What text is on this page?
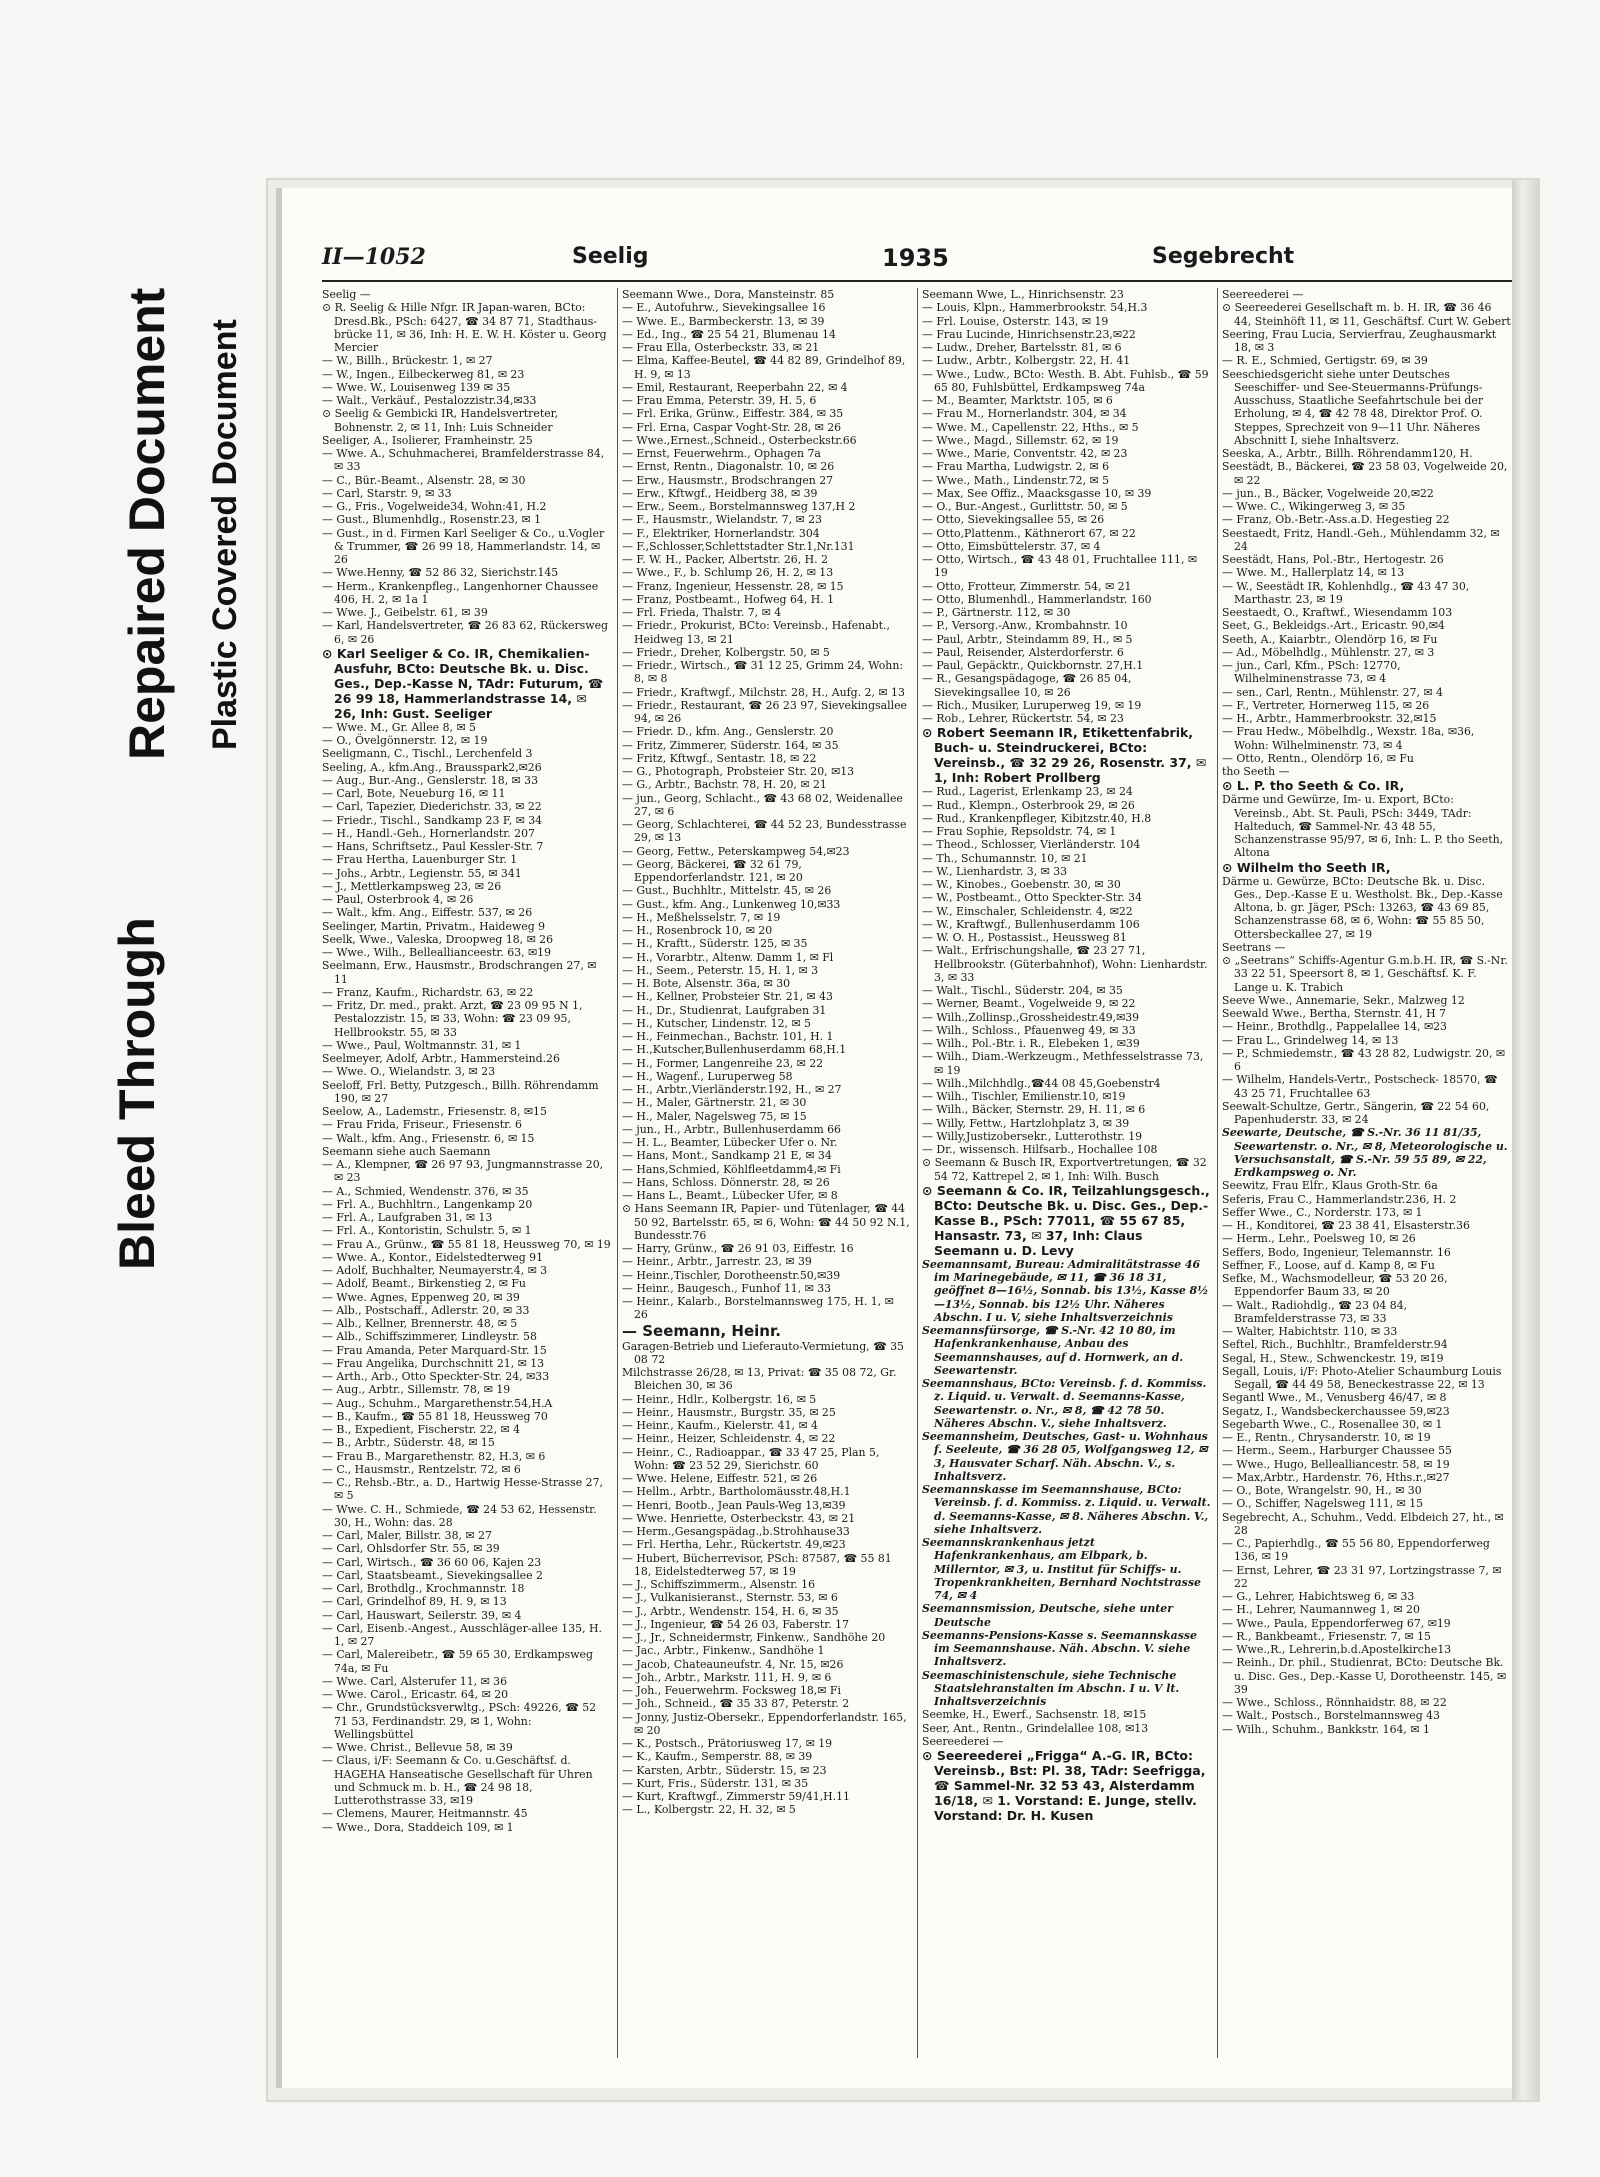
Bleed Through
Repaired Document Plastic Covered Document
II—1052	Seelig	1935	Segebrecht

Seelig —

⊙ R. Seelig & Hille Nfgr. IR Japan-waren, BCto: Dresd.Bk., PSch: 6427, ☎ 34 87 71, Stadthaus-brücke 11, ✉ 36, Inh: H. E. W. H. Köster u. Georg Mercier

— W., Billh., Brückestr. 1, ✉ 27

— W., Ingen., Eilbeckerweg 81, ✉ 23

— Wwe. W., Louisenweg 139 ✉ 35

— Walt., Verkäuf., Pestalozzistr.34,✉33

⊙ Seelig & Gembicki IR, Handelsvertreter, Bohnenstr. 2, ✉ 11, Inh: Luis Schneider

Seeliger, A., Isolierer, Framheinstr. 25

— Wwe. A., Schuhmacherei, Bramfelderstrasse 84, ✉ 33

— C., Bür.-Beamt., Alsenstr. 28, ✉ 30

— Carl, Starstr. 9, ✉ 33

— G., Fris., Vogelweide34, Wohn:41, H.2

— Gust., Blumenhdlg., Rosenstr.23, ✉ 1

— Gust., in d. Firmen Karl Seeliger & Co., u.Vogler & Trummer, ☎ 26 99 18, Hammerlandstr. 14, ✉ 26

— Wwe.Henny, ☎ 52 86 32, Sierichstr.145

— Herm., Krankenpfleg., Langenhorner Chaussee 406, H. 2, ✉ 1a 1

— Wwe. J., Geibelstr. 61, ✉ 39

— Karl, Handelsvertreter, ☎ 26 83 62, Rückersweg 6, ✉ 26

⊙ Karl Seeliger & Co. IR, Chemikalien-Ausfuhr, BCto: Deutsche Bk. u. Disc. Ges., Dep.-Kasse N, TAdr: Futurum, ☎ 26 99 18, Hammerlandstrasse 14, ✉ 26, Inh: Gust. Seeliger

— Wwe. M., Gr. Allee 8, ✉ 5

— O., Övelgönnerstr. 12, ✉ 19

Seeligmann, C., Tischl., Lerchenfeld 3

Seeling, A., kfm.Ang., Brausspark2,✉26

— Aug., Bur.-Ang., Genslerstr. 18, ✉ 33

— Carl, Bote, Neueburg 16, ✉ 11

— Carl, Tapezier, Diederichstr. 33, ✉ 22

— Friedr., Tischl., Sandkamp 23 F, ✉ 34

— H., Handl.-Geh., Hornerlandstr. 207

— Hans, Schriftsetz., Paul Kessler-Str. 7

— Frau Hertha, Lauenburger Str. 1

— Johs., Arbtr., Legienstr. 55, ✉ 341

— J., Mettlerkampsweg 23, ✉ 26

— Paul, Osterbrook 4, ✉ 26

— Walt., kfm. Ang., Eiffestr. 537, ✉ 26

Seelinger, Martin, Privatm., Haideweg 9

Seelk, Wwe., Valeska, Droopweg 18, ✉ 26

— Wwe., Wilh., Belleallianceestr. 63, ✉19

Seelmann, Erw., Hausmstr., Brodschrangen 27, ✉ 11

— Franz, Kaufm., Richardstr. 63, ✉ 22

— Fritz, Dr. med., prakt. Arzt, ☎ 23 09 95 N 1, Pestalozzistr. 15, ✉ 33, Wohn: ☎ 23 09 95, Hellbrookstr. 55, ✉ 33

— Wwe., Paul, Woltmannstr. 31, ✉ 1

Seelmeyer, Adolf, Arbtr., Hammersteind.26

— Wwe. O., Wielandstr. 3, ✉ 23

Seeloff, Frl. Betty, Putzgesch., Billh. Röhrendamm 190, ✉ 27

Seelow, A., Lademstr., Friesenstr. 8, ✉15

— Frau Frida, Friseur., Friesenstr. 6

— Walt., kfm. Ang., Friesenstr. 6, ✉ 15

Seemann siehe auch Saemann

— A., Klempner, ☎ 26 97 93, Jungmannstrasse 20, ✉ 23

— A., Schmied, Wendenstr. 376, ✉ 35

— Frl. A., Buchhltrn., Langenkamp 20

— Frl. A., Laufgraben 31, ✉ 13

— Frl. A., Kontoristin, Schulstr. 5, ✉ 1

— Frau A., Grünw., ☎ 55 81 18, Heussweg 70, ✉ 19

— Wwe. A., Kontor., Eidelstedterweg 91

— Adolf, Buchhalter, Neumayerstr.4, ✉ 3

— Adolf, Beamt., Birkenstieg 2, ✉ Fu

— Wwe. Agnes, Eppenweg 20, ✉ 39

— Alb., Postschaff., Adlerstr. 20, ✉ 33

— Alb., Kellner, Brennerstr. 48, ✉ 5

— Alb., Schiffszimmerer, Lindleystr. 58

— Frau Amanda, Peter Marquard-Str. 15

— Frau Angelika, Durchschnitt 21, ✉ 13

— Arth., Arb., Otto Speckter-Str. 24, ✉33

— Aug., Arbtr., Sillemstr. 78, ✉ 19

— Aug., Schuhm., Margarethenstr.54,H.A

— B., Kaufm., ☎ 55 81 18, Heussweg 70

— B., Expedient, Fischerstr. 22, ✉ 4

— B., Arbtr., Süderstr. 48, ✉ 15

— Frau B., Margarethenstr. 82, H.3, ✉ 6

— C., Hausmstr., Rentzelstr. 72, ✉ 6

— C., Rehsb.-Btr., a. D., Hartwig Hesse-Strasse 27, ✉ 5

— Wwe. C. H., Schmiede, ☎ 24 53 62, Hessenstr. 30, H., Wohn: das. 28

— Carl, Maler, Billstr. 38, ✉ 27

— Carl, Ohlsdorfer Str. 55, ✉ 39

— Carl, Wirtsch., ☎ 36 60 06, Kajen 23

— Carl, Staatsbeamt., Sievekingsallee 2

— Carl, Brothdlg., Krochmannstr. 18

— Carl, Grindelhof 89, H. 9, ✉ 13

— Carl, Hauswart, Seilerstr. 39, ✉ 4

— Carl, Eisenb.-Angest., Ausschläger-allee 135, H. 1, ✉ 27

— Carl, Malereibetr., ☎ 59 65 30, Erdkampsweg 74a, ✉ Fu

— Wwe. Carl, Alsterufer 11, ✉ 36

— Wwe. Carol., Ericastr. 64, ✉ 20

— Chr., Grundstücksverwltg., PSch: 49226, ☎ 52 71 53, Ferdinandstr. 29, ✉ 1, Wohn: Wellingsbüttel

— Wwe. Christ., Bellevue 58, ✉ 39

— Claus, i/F: Seemann & Co. u.Geschäftsf. d. HAGEHA Hanseatische Gesellschaft für Uhren und Schmuck m. b. H., ☎ 24 98 18, Lutterothstrasse 33, ✉19

— Clemens, Maurer, Heitmannstr. 45

— Wwe., Dora, Staddeich 109, ✉ 1

Seemann Wwe., Dora, Mansteinstr. 85

— E., Autofuhrw., Sievekingsallee 16

— Wwe. E., Barmbeckerstr. 13, ✉ 39

— Ed., Ing., ☎ 25 54 21, Blumenau 14

— Frau Ella, Osterbeckstr. 33, ✉ 21

— Elma, Kaffee-Beutel, ☎ 44 82 89, Grindelhof 89, H. 9, ✉ 13

— Emil, Restaurant, Reeperbahn 22, ✉ 4

— Frau Emma, Peterstr. 39, H. 5, 6

— Frl. Erika, Grünw., Eiffestr. 384, ✉ 35

— Frl. Erna, Caspar Voght-Str. 28, ✉ 26

— Wwe.,Ernest.,Schneid., Osterbeckstr.66

— Ernst, Feuerwehrm., Ophagen 7a

— Ernst, Rentn., Diagonalstr. 10, ✉ 26

— Erw., Hausmstr., Brodschrangen 27

— Erw., Kftwgf., Heidberg 38, ✉ 39

— Erw., Seem., Borstelmannsweg 137,H 2

— F., Hausmstr., Wielandstr. 7, ✉ 23

— F., Elektriker, Hornerlandstr. 304

— F.,Schlosser,Schlettstadter Str.1,Nr.131

— F. W. H., Packer, Albertstr. 26, H. 2

— Wwe., F., b. Schlump 26, H. 2, ✉ 13

— Franz, Ingenieur, Hessenstr. 28, ✉ 15

— Franz, Postbeamt., Hofweg 64, H. 1

— Frl. Frieda, Thalstr. 7, ✉ 4

— Friedr., Prokurist, BCto: Vereinsb., Hafenabt., Heidweg 13, ✉ 21

— Friedr., Dreher, Kolbergstr. 50, ✉ 5

— Friedr., Wirtsch., ☎ 31 12 25, Grimm 24, Wohn: 8, ✉ 8

— Friedr., Kraftwgf., Milchstr. 28, H., Aufg. 2, ✉ 13

— Friedr., Restaurant, ☎ 26 23 97, Sievekingsallee 94, ✉ 26

— Friedr. D., kfm. Ang., Genslerstr. 20

— Fritz, Zimmerer, Süderstr. 164, ✉ 35

— Fritz, Kftwgf., Sentastr. 18, ✉ 22

— G., Photograph, Probsteier Str. 20, ✉13

— G., Arbtr., Bachstr. 78, H. 20, ✉ 21

— jun., Georg, Schlacht., ☎ 43 68 02, Weidenallee 27, ✉ 6

— Georg, Schlachterei, ☎ 44 52 23, Bundesstrasse 29, ✉ 13

— Georg, Fettw., Peterskampweg 54,✉23

— Georg, Bäckerei, ☎ 32 61 79, Eppendorferlandstr. 121, ✉ 20

— Gust., Buchhltr., Mittelstr. 45, ✉ 26

— Gust., kfm. Ang., Lunkenweg 10,✉33

— H., Meßhelsselstr. 7, ✉ 19

— H., Rosenbrock 10, ✉ 20

— H., Kraftt., Süderstr. 125, ✉ 35

— H., Vorarbtr., Altenw. Damm 1, ✉ Fl

— H., Seem., Peterstr. 15, H. 1, ✉ 3

— H. Bote, Alsenstr. 36a, ✉ 30

— H., Kellner, Probsteier Str. 21, ✉ 43

— H., Dr., Studienrat, Laufgraben 31

— H., Kutscher, Lindenstr. 12, ✉ 5

— H., Feinmechan., Bachstr. 101, H. 1

— H.,Kutscher,Bullenhuserdamm 68,H.1

— H., Former, Langenreihe 23, ✉ 22

— H., Wagenf., Luruperweg 58

— H., Arbtr.,Vierländerstr.192, H., ✉ 27

— H., Maler, Gärtnerstr. 21, ✉ 30

— H., Maler, Nagelsweg 75, ✉ 15

— jun., H., Arbtr., Bullenhuserdamm 66

— H. L., Beamter, Lübecker Ufer o. Nr.

— Hans, Mont., Sandkamp 21 E, ✉ 34

— Hans,Schmied, Köhlfleetdamm4,✉ Fi

— Hans, Schloss. Dönnerstr. 28, ✉ 26

— Hans L., Beamt., Lübecker Ufer, ✉ 8

⊙ Hans Seemann IR, Papier- und Tütenlager, ☎ 44 50 92, Bartelsstr. 65, ✉ 6, Wohn: ☎ 44 50 92 N.1, Bundesstr.76

— Harry, Grünw., ☎ 26 91 03, Eiffestr. 16

— Heinr., Arbtr., Jarrestr. 23, ✉ 39

— Heinr.,Tischler, Dorotheenstr.50,✉39

— Heinr., Baugesch., Funhof 11, ✉ 33

— Heinr., Kalarb., Borstelmannsweg 175, H. 1, ✉ 26

— Seemann, Heinr.

Garagen-Betrieb und Lieferauto-Vermietung, ☎ 35 08 72

Milchstrasse 26/28, ✉ 13, Privat: ☎ 35 08 72, Gr. Bleichen 30, ✉ 36

— Heinr., Hdlr., Kolbergstr. 16, ✉ 5

— Heinr., Hausmstr., Burgstr. 35, ✉ 25

— Heinr., Kaufm., Kielerstr. 41, ✉ 4

— Heinr., Heizer, Schleidenstr. 4, ✉ 22

— Heinr., C., Radioappar., ☎ 33 47 25, Plan 5, Wohn: ☎ 23 52 29, Sierichstr. 60

— Wwe. Helene, Eiffestr. 521, ✉ 26

— Hellm., Arbtr., Bartholomäusstr.48,H.1

— Henri, Bootb., Jean Pauls-Weg 13,✉39

— Wwe. Henriette, Osterbeckstr. 43, ✉ 21

— Herm.,Gesangspädag.,b.Strohhause33

— Frl. Hertha, Lehr., Rückertstr. 49,✉23

— Hubert, Bücherrevisor, PSch: 87587, ☎ 55 81 18, Eidelstedterweg 57, ✉ 19

— J., Schiffszimmerm., Alsenstr. 16

— J., Vulkanisieranst., Sternstr. 53, ✉ 6

— J., Arbtr., Wendenstr. 154, H. 6, ✉ 35

— J., Ingenieur, ☎ 54 26 03, Faberstr. 17

— J., Jr., Schneidermstr, Finkenw., Sandhöhe 20

— Jac., Arbtr., Finkenw., Sandhöhe 1

— Jacob, Chateauneufstr. 4, Nr. 15, ✉26

— Joh., Arbtr., Markstr. 111, H. 9, ✉ 6

— Joh., Feuerwehrm. Focksweg 18,✉ Fi

— Joh., Schneid., ☎ 35 33 87, Peterstr. 2

— Jonny, Justiz-Obersekr., Eppendorferlandstr. 165, ✉ 20

— K., Postsch., Prätoriusweg 17, ✉ 19

— K., Kaufm., Semperstr. 88, ✉ 39

— Karsten, Arbtr., Süderstr. 15, ✉ 23

— Kurt, Fris., Süderstr. 131, ✉ 35

— Kurt, Kraftwgf., Zimmerstr 59/41,H.11

— L., Kolbergstr. 22, H. 32, ✉ 5

Seemann Wwe, L., Hinrichsenstr. 23

— Louis, Klpn., Hammerbrookstr. 54,H.3

— Frl. Louise, Osterstr. 143, ✉ 19

— Frau Lucinde, Hinrichsenstr.23,✉22

— Ludw., Dreher, Bartelsstr. 81, ✉ 6

— Ludw., Arbtr., Kolbergstr. 22, H. 41

— Wwe., Ludw., BCto: Westh. B. Abt. Fuhlsb., ☎ 59 65 80, Fuhlsbüttel, Erdkampsweg 74a

— M., Beamter, Marktstr. 105, ✉ 6

— Frau M., Hornerlandstr. 304, ✉ 34

— Wwe. M., Capellenstr. 22, Hths., ✉ 5

— Wwe., Magd., Sillemstr. 62, ✉ 19

— Wwe., Marie, Conventstr. 42, ✉ 23

— Frau Martha, Ludwigstr. 2, ✉ 6

— Wwe., Math., Lindenstr.72, ✉ 5

— Max, See Offiz., Maacksgasse 10, ✉ 39

— O., Bur.-Angest., Gurlittstr. 50, ✉ 5

— Otto, Sievekingsallee 55, ✉ 26

— Otto,Plattenm., Käthnerort 67, ✉ 22

— Otto, Eimsbüttelerstr. 37, ✉ 4

— Otto, Wirtsch., ☎ 43 48 01, Fruchtallee 111, ✉ 19

— Otto, Frotteur, Zimmerstr. 54, ✉ 21

— Otto, Blumenhdl., Hammerlandstr. 160

— P., Gärtnerstr. 112, ✉ 30

— P., Versorg.-Anw., Krombahnstr. 10

— Paul, Arbtr., Steindamm 89, H., ✉ 5

— Paul, Reisender, Alsterdorferstr. 6

— Paul, Gepäcktr., Quickbornstr. 27,H.1

— R., Gesangspädagoge, ☎ 26 85 04, Sievekingsallee 10, ✉ 26

— Rich., Musiker, Luruperweg 19, ✉ 19

— Rob., Lehrer, Rückertstr. 54, ✉ 23

⊙ Robert Seemann IR, Etikettenfabrik, Buch- u. Steindruckerei, BCto: Vereinsb., ☎ 32 29 26, Rosenstr. 37, ✉ 1, Inh: Robert Prollberg

— Rud., Lagerist, Erlenkamp 23, ✉ 24

— Rud., Klempn., Osterbrook 29, ✉ 26

— Rud., Krankenpfleger, Kibitzstr.40, H.8

— Frau Sophie, Repsoldstr. 74, ✉ 1

— Theod., Schlosser, Vierländerstr. 104

— Th., Schumannstr. 10, ✉ 21

— W., Lienhardstr. 3, ✉ 33

— W., Kinobes., Goebenstr. 30, ✉ 30

— W., Postbeamt., Otto Speckter-Str. 34

— W., Einschaler, Schleidenstr. 4, ✉22

— W., Kraftwgf., Bullenhuserdamm 106

— W. O. H., Postassist., Heussweg 81

— Walt., Erfrischungshalle, ☎ 23 27 71, Hellbrookstr. (Güterbahnhof), Wohn: Lienhardstr. 3, ✉ 33

— Walt., Tischl., Süderstr. 204, ✉ 35

— Werner, Beamt., Vogelweide 9, ✉ 22

— Wilh.,Zollinsp.,Grossheidestr.49,✉39

— Wilh., Schloss., Pfauenweg 49, ✉ 33

— Wilh., Pol.-Btr. i. R., Elebeken 1, ✉39

— Wilh., Diam.-Werkzeugm., Methfesselstrasse 73, ✉ 19

— Wilh.,Milchhdlg.,☎44 08 45,Goebenstr4

— Wilh., Tischler, Emilienstr.10, ✉19

— Wilh., Bäcker, Sternstr. 29, H. 11, ✉ 6

— Willy, Fettw., Hartzlohplatz 3, ✉ 39

— Willy,Justizobersekr., Lutterothstr. 19

— Dr., wissensch. Hilfsarb., Hochallee 108

⊙ Seemann & Busch IR, Exportvertretungen, ☎ 32 54 72, Kattrepel 2, ✉ 1, Inh: Wilh. Busch

⊙ Seemann & Co. IR, Teilzahlungsgesch., BCto: Deutsche Bk. u. Disc. Ges., Dep.-Kasse B., PSch: 77011, ☎ 55 67 85, Hansastr. 73, ✉ 37, Inh: Claus Seemann u. D. Levy

Seemannsamt, Bureau: Admiralitätstrasse 46 im Marinegebäude, ✉ 11, ☎ 36 18 31, geöffnet 8—16½, Sonnab. bis 13½, Kasse 8½—13½, Sonnab. bis 12½ Uhr. Näheres Abschn. I u. V, siehe Inhaltsverzeichnis

Seemannsfürsorge, ☎ S.-Nr. 42 10 80, im Hafenkrankenhause, Anbau des Seemannshauses, auf d. Hornwerk, an d. Seewartenstr.

Seemannshaus, BCto: Vereinsb. f. d. Kommiss. z. Liquid. u. Verwalt. d. Seemanns-Kasse, Seewartenstr. o. Nr., ✉ 8, ☎ 42 78 50. Näheres Abschn. V., siehe Inhaltsverz.

Seemannsheim, Deutsches, Gast- u. Wohnhaus f. Seeleute, ☎ 36 28 05, Wolfgangsweg 12, ✉ 3, Hausvater Scharf. Näh. Abschn. V., s. Inhaltsverz.

Seemannskasse im Seemannshause, BCto: Vereinsb. f. d. Kommiss. z. Liquid. u. Verwalt. d. Seemanns-Kasse, ✉ 8. Näheres Abschn. V., siehe Inhaltsverz.

Seemannskrankenhaus jetzt Hafenkrankenhaus, am Elbpark, b. Millerntor, ✉ 3, u. Institut für Schiffs- u. Tropenkrankheiten, Bernhard Nochtstrasse 74, ✉ 4

Seemannsmission, Deutsche, siehe unter Deutsche

Seemanns-Pensions-Kasse s. Seemannskasse im Seemannshause. Näh. Abschn. V. siehe Inhaltsverz.

Seemaschinistenschule, siehe Technische Staatslehranstalten im Abschn. I u. V lt. Inhaltsverzeichnis

Seemke, H., Ewerf., Sachsenstr. 18, ✉15

Seer, Ant., Rentn., Grindelallee 108, ✉13

Seereederei —

⊙ Seereederei „Frigga“ A.-G. IR, BCto: Vereinsb., Bst: Pl. 38, TAdr: Seefrigga, ☎ Sammel-Nr. 32 53 43, Alsterdamm 16/18, ✉ 1. Vorstand: E. Junge, stellv. Vorstand: Dr. H. Kusen

Seereederei —

⊙ Seereederei Gesellschaft m. b. H. IR, ☎ 36 46 44, Steinhöft 11, ✉ 11, Geschäftsf. Curt W. Gebert

Seering, Frau Lucia, Servierfrau, Zeughausmarkt 18, ✉ 3

— R. E., Schmied, Gertigstr. 69, ✉ 39

Seeschiedsgericht siehe unter Deutsches Seeschiffer- und See-Steuermanns-Prüfungs-Ausschuss, Staatliche Seefahrtschule bei der Erholung, ✉ 4, ☎ 42 78 48, Direktor Prof. O. Steppes, Sprechzeit von 9—11 Uhr. Näheres Abschnitt I, siehe Inhaltsverz.

Seeska, A., Arbtr., Billh. Röhrendamm120, H.

Seestädt, B., Bäckerei, ☎ 23 58 03, Vogelweide 20, ✉ 22

— jun., B., Bäcker, Vogelweide 20,✉22

— Wwe. C., Wikingerweg 3, ✉ 35

— Franz, Ob.-Betr.-Ass.a.D. Hegestieg 22

Seestaedt, Fritz, Handl.-Geh., Mühlendamm 32, ✉ 24

Seestädt, Hans, Pol.-Btr., Hertogestr. 26

— Wwe. M., Hallerplatz 14, ✉ 13

— W., Seestädt IR, Kohlenhdlg., ☎ 43 47 30, Marthastr. 23, ✉ 19

Seestaedt, O., Kraftwf., Wiesendamm 103

Seet, G., Bekleidgs.-Art., Ericastr. 90,✉4

Seeth, A., Kaiarbtr., Olendörp 16, ✉ Fu

— Ad., Möbelhdlg., Mühlenstr. 27, ✉ 3

— jun., Carl, Kfm., PSch: 12770, Wilhelminenstrasse 73, ✉ 4

— sen., Carl, Rentn., Mühlenstr. 27, ✉ 4

— F., Vertreter, Hornerweg 115, ✉ 26

— H., Arbtr., Hammerbrookstr. 32,✉15

— Frau Hedw., Möbelhdlg., Wexstr. 18a, ✉36, Wohn: Wilhelminenstr. 73, ✉ 4

— Otto, Rentn., Olendörp 16, ✉ Fu

tho Seeth —

⊙ L. P. tho Seeth & Co. IR,

Därme und Gewürze, Im- u. Export, BCto: Vereinsb., Abt. St. Pauli, PSch: 3449, TAdr: Halteduch, ☎ Sammel-Nr. 43 48 55, Schanzenstrasse 95/97, ✉ 6, Inh: L. P. tho Seeth, Altona

⊙ Wilhelm tho Seeth IR,

Därme u. Gewürze, BCto: Deutsche Bk. u. Disc. Ges., Dep.-Kasse E u. Westholst. Bk., Dep.-Kasse Altona, b. gr. Jäger, PSch: 13263, ☎ 43 69 85, Schanzenstrasse 68, ✉ 6, Wohn: ☎ 55 85 50, Ottersbeckallee 27, ✉ 19

Seetrans —

⊙ „Seetrans“ Schiffs-Agentur G.m.b.H. IR, ☎ S.-Nr. 33 22 51, Speersort 8, ✉ 1, Geschäftsf. K. F. Lange u. K. Trabich

Seeve Wwe., Annemarie, Sekr., Malzweg 12

Seewald Wwe., Bertha, Sternstr. 41, H 7

— Heinr., Brothdlg., Pappelallee 14, ✉23

— Frau L., Grindelweg 14, ✉ 13

— P., Schmiedemstr., ☎ 43 28 82, Ludwigstr. 20, ✉ 6

— Wilhelm, Handels-Vertr., Postscheck- 18570, ☎ 43 25 71, Fruchtallee 63

Seewalt-Schultze, Gertr., Sängerin, ☎ 22 54 60, Papenhuderstr. 33, ✉ 24

Seewarte, Deutsche, ☎ S.-Nr. 36 11 81/35, Seewartenstr. o. Nr., ✉ 8, Meteorologische u. Versuchsanstalt, ☎ S.-Nr. 59 55 89, ✉ 22, Erdkampsweg o. Nr.

Seewitz, Frau Elfr., Klaus Groth-Str. 6a

Seferis, Frau C., Hammerlandstr.236, H. 2

Seffer Wwe., C., Norderstr. 173, ✉ 1

— H., Konditorei, ☎ 23 38 41, Elsasterstr.36

— Herm., Lehr., Poelsweg 10, ✉ 26

Seffers, Bodo, Ingenieur, Telemannstr. 16

Seffner, F., Loose, auf d. Kamp 8, ✉ Fu

Sefke, M., Wachsmodelleur, ☎ 53 20 26, Eppendorfer Baum 33, ✉ 20

— Walt., Radiohdlg., ☎ 23 04 84, Bramfelderstrasse 73, ✉ 33

— Walter, Habichtstr. 110, ✉ 33

Seftel, Rich., Buchhltr., Bramfelderstr.94

Segal, H., Stew., Schwenckestr. 19, ✉19

Segall, Louis, i/F: Photo-Atelier Schaumburg Louis Segall, ☎ 44 49 58, Beneckestrasse 22, ✉ 13

Segantl Wwe., M., Venusberg 46/47, ✉ 8

Segatz, I., Wandsbeckerchaussee 59,✉23

Segebarth Wwe., C., Rosenallee 30, ✉ 1

— E., Rentn., Chrysanderstr. 10, ✉ 19

— Herm., Seem., Harburger Chaussee 55

— Wwe., Hugo, Bellealliancestr. 58, ✉ 19

— Max,Arbtr., Hardenstr. 76, Hths.r.,✉27

— O., Bote, Wrangelstr. 90, H., ✉ 30

— O., Schiffer, Nagelsweg 111, ✉ 15

Segebrecht, A., Schuhm., Vedd. Elbdeich 27, ht., ✉ 28

— C., Papierhdlg., ☎ 55 56 80, Eppendorferweg 136, ✉ 19

— Ernst, Lehrer, ☎ 23 31 97, Lortzingstrasse 7, ✉ 22

— G., Lehrer, Habichtsweg 6, ✉ 33

— H., Lehrer, Naumannweg 1, ✉ 20

— Wwe., Paula, Eppendorferweg 67, ✉19

— R., Bankbeamt., Friesenstr. 7, ✉ 15

— Wwe.,R., Lehrerin,b.d.Apostelkirche13

— Reinh., Dr. phil., Studienrat, BCto: Deutsche Bk. u. Disc. Ges., Dep.-Kasse U, Dorotheenstr. 145, ✉ 39

— Wwe., Schloss., Rönnhaidstr. 88, ✉ 22

— Walt., Postsch., Borstelmannsweg 43

— Wilh., Schuhm., Bankkstr. 164, ✉ 1
